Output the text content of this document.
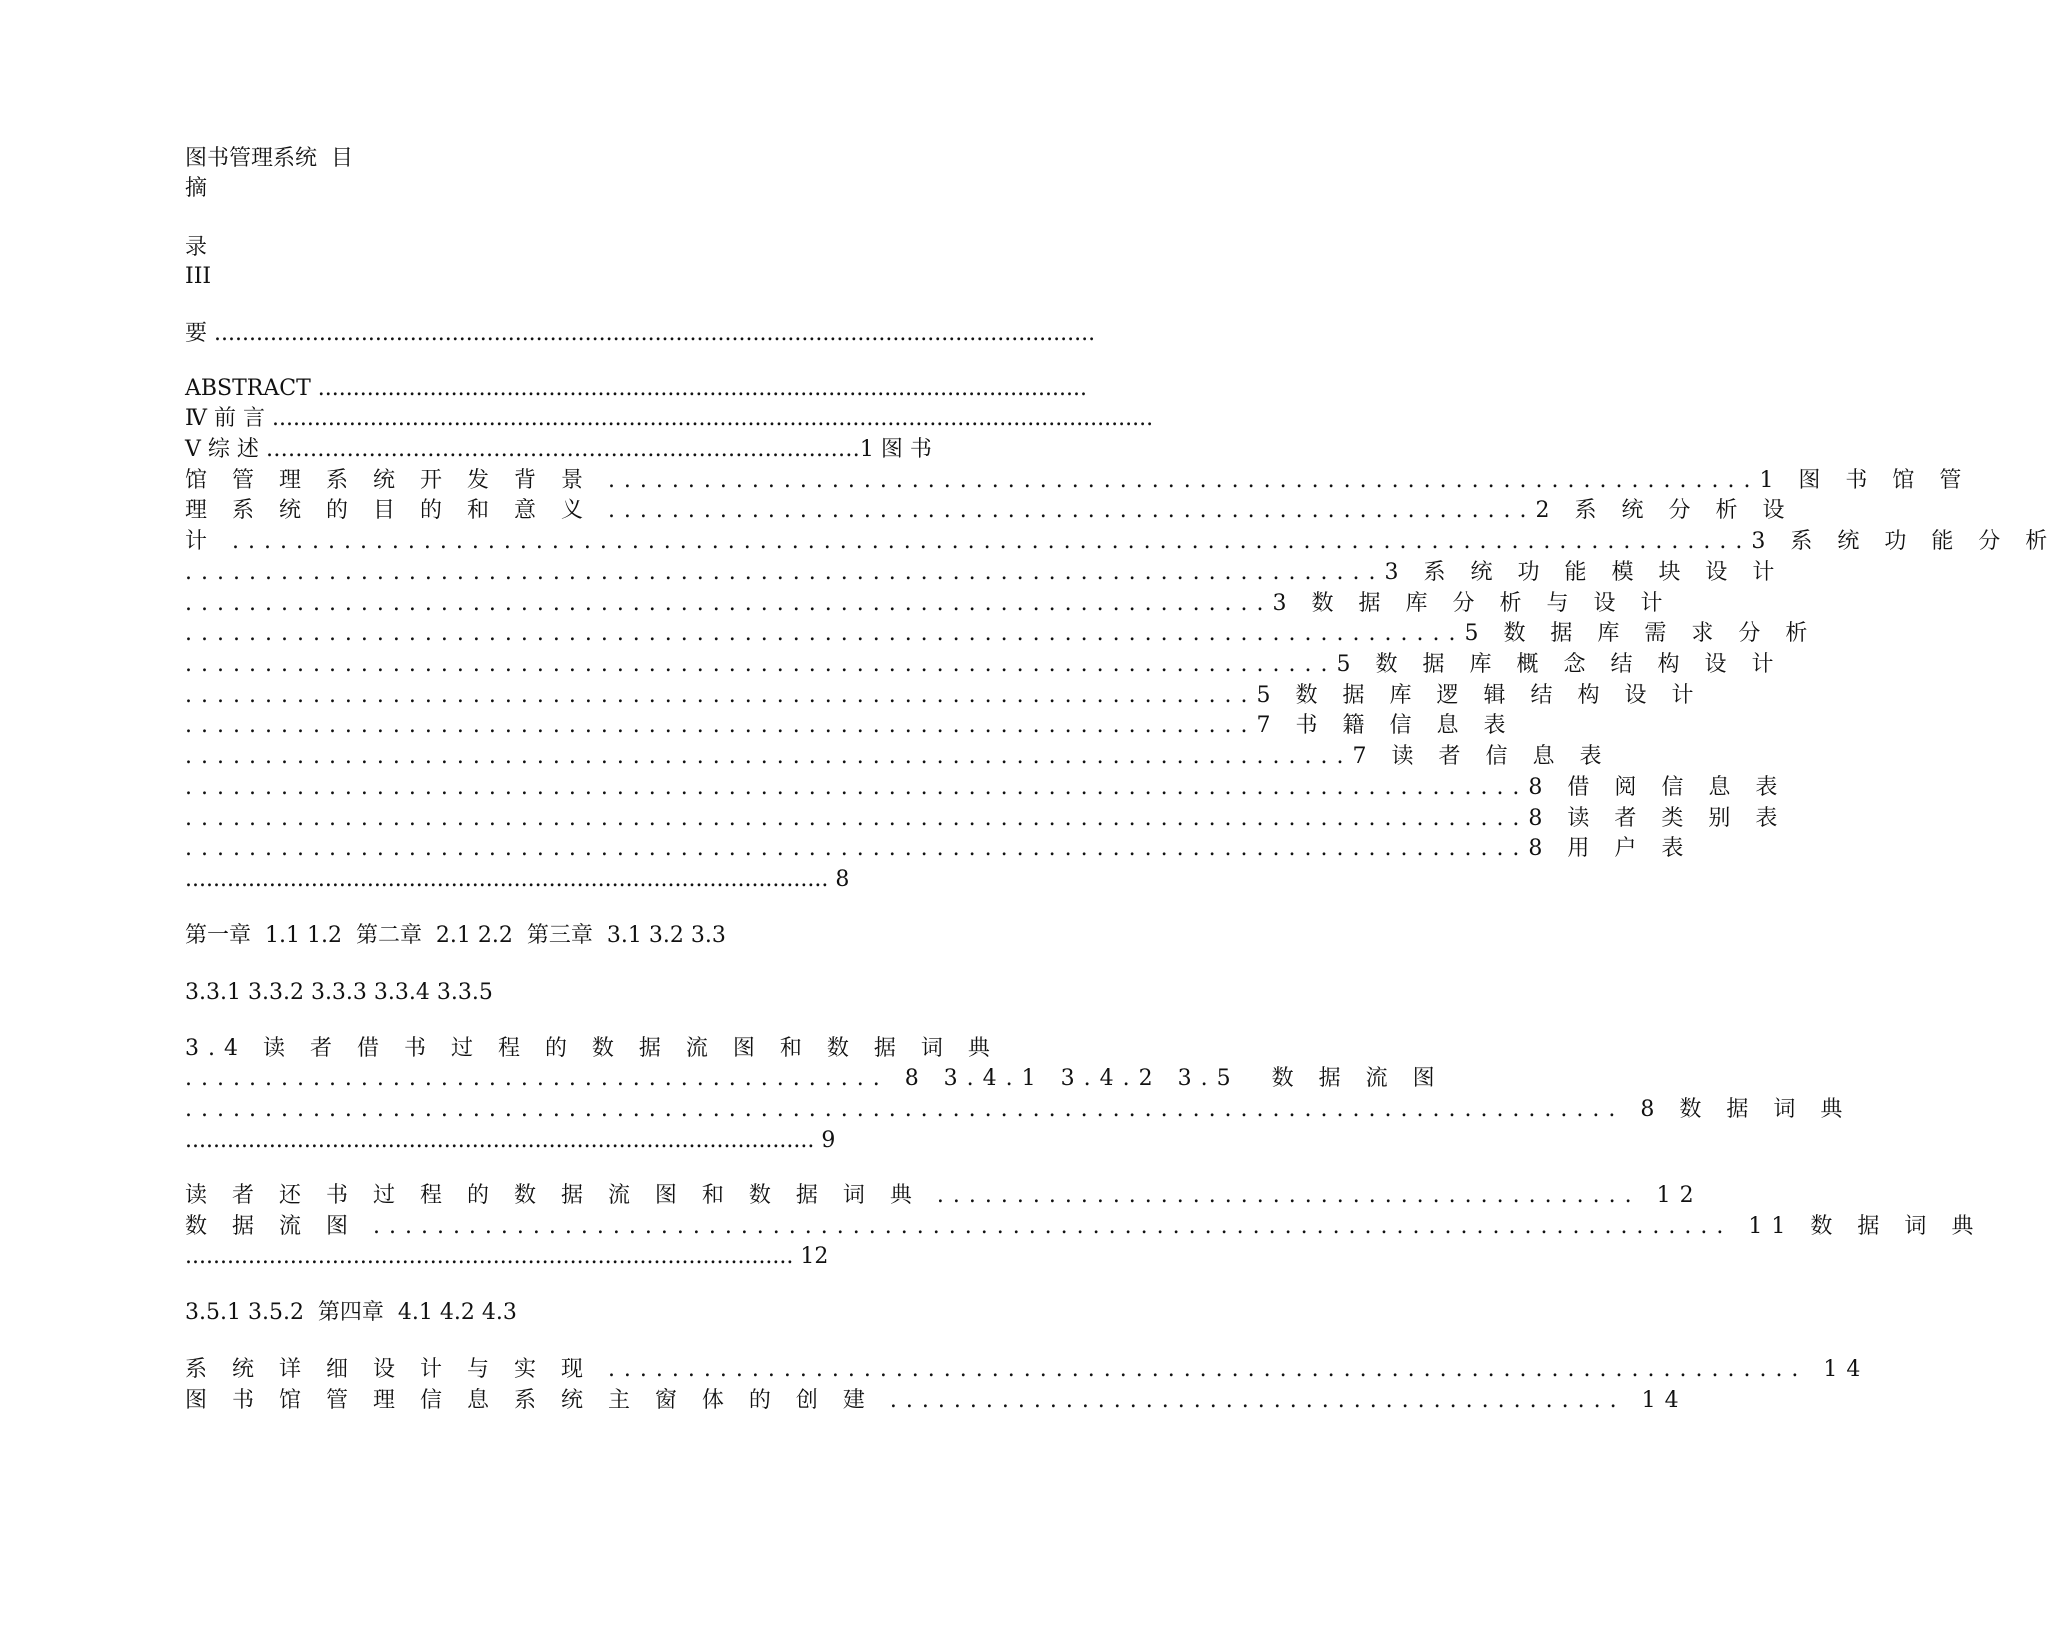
图书管理系统  目
摘
录
III
要 ..............................................................................................................................
ABSTRACT ..............................................................................................................
Ⅳ 前 言 ..............................................................................................................................
V 综 述 ………………………………………………………………………1 图 书
馆 管 理 系 统 开 发 背 景 ........................................................................1 图 书 馆 管
理 系 统 的 目 的 和 意 义 ..........................................................2 系 统 分 析 设
计 ...............................................................................................3 系 统 功 能 分 析
...........................................................................3 系 统 功 能 模 块 设 计
....................................................................3 数 据 库 分 析 与 设 计
................................................................................5 数 据 库 需 求 分 析
........................................................................5 数 据 库 概 念 结 构 设 计
...................................................................5 数 据 库 逻 辑 结 构 设 计
...................................................................7 书 籍 信 息 表
.........................................................................7 读 者 信 息 表
....................................................................................8 借 阅 信 息 表
....................................................................................8 读 者 类 别 表
....................................................................................8 用 户 表
............................................................................................ 8
第一章  1.1 1.2  第二章  2.1 2.2  第三章  3.1 3.2 3.3
3.3.1 3.3.2 3.3.3 3.3.4 3.3.5
3.4 读 者 借 书 过 程 的 数 据 流 图 和 数 据 词 典
............................................ 8 3.4.1 3.4.2 3.5  数 据 流 图
.......................................................................................... 8 数 据 词 典
.......................................................................................... 9
读 者 还 书 过 程 的 数 据 流 图 和 数 据 词 典 ............................................ 12
数 据 流 图 ..................................................................................... 11 数 据 词 典
....................................................................................... 12
3.5.1 3.5.2  第四章  4.1 4.2 4.3
系 统 详 细 设 计 与 实 现 ........................................................................... 14
图 书 馆 管 理 信 息 系 统 主 窗 体 的 创 建 .............................................. 14
